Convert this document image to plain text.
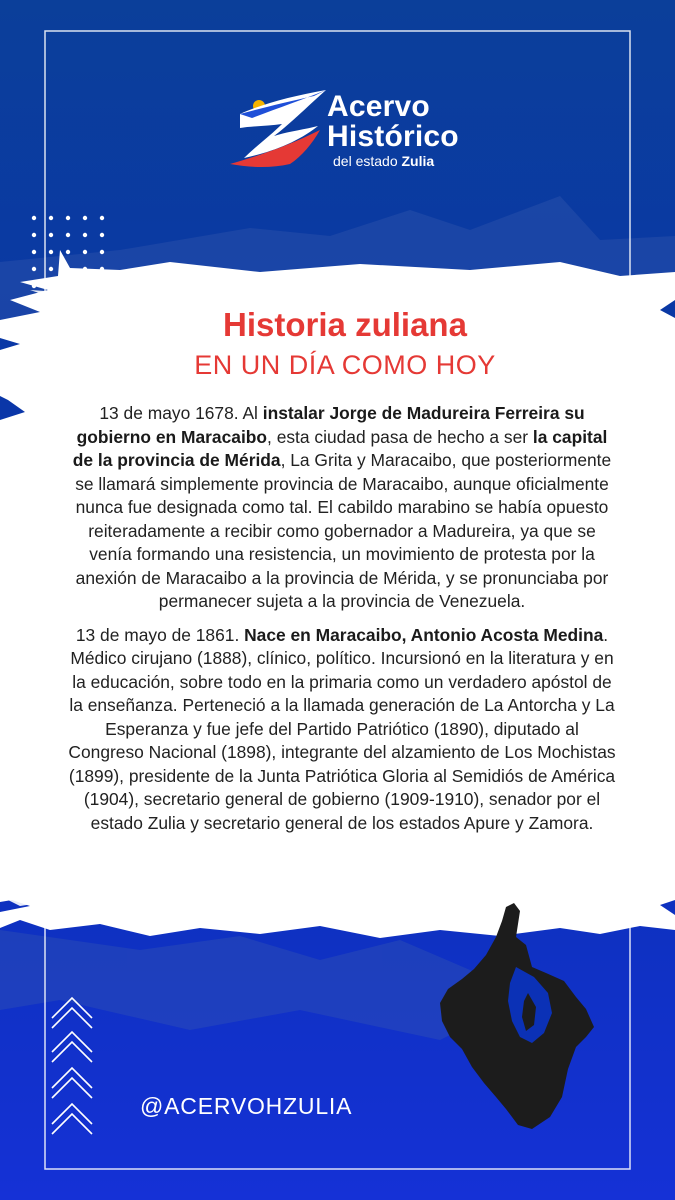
Acervo
Histórico
del estado Zulia
Historia zuliana
EN UN DÍA COMO HOY

13 de mayo 1678. Al instalar Jorge de Madureira Ferreira su gobierno en Maracaibo, esta ciudad pasa de hecho a ser la capital de la provincia de Mérida, La Grita y Maracaibo, que posteriormente se llamará simplemente provincia de Maracaibo, aunque oficialmente nunca fue designada como tal. El cabildo marabino se había opuesto reiteradamente a recibir como gobernador a Madureira, ya que se venía formando una resistencia, un movimiento de protesta por la anexión de Maracaibo a la provincia de Mérida, y se pronunciaba por permanecer sujeta a la provincia de Venezuela.

13 de mayo de 1861. Nace en Maracaibo, Antonio Acosta Medina. Médico cirujano (1888), clínico, político. Incursionó en la literatura y en la educación, sobre todo en la primaria como un verdadero apóstol de la enseñanza. Perteneció a la llamada generación de La Antorcha y La Esperanza y fue jefe del Partido Patriótico (1890), diputado al Congreso Nacional (1898), integrante del alzamiento de Los Mochistas (1899), presidente de la Junta Patriótica Gloria al Semidiós de América (1904), secretario general de gobierno (1909-1910), senador por el estado Zulia y secretario general de los estados Apure y Zamora.

@ACERVOHZULIA
